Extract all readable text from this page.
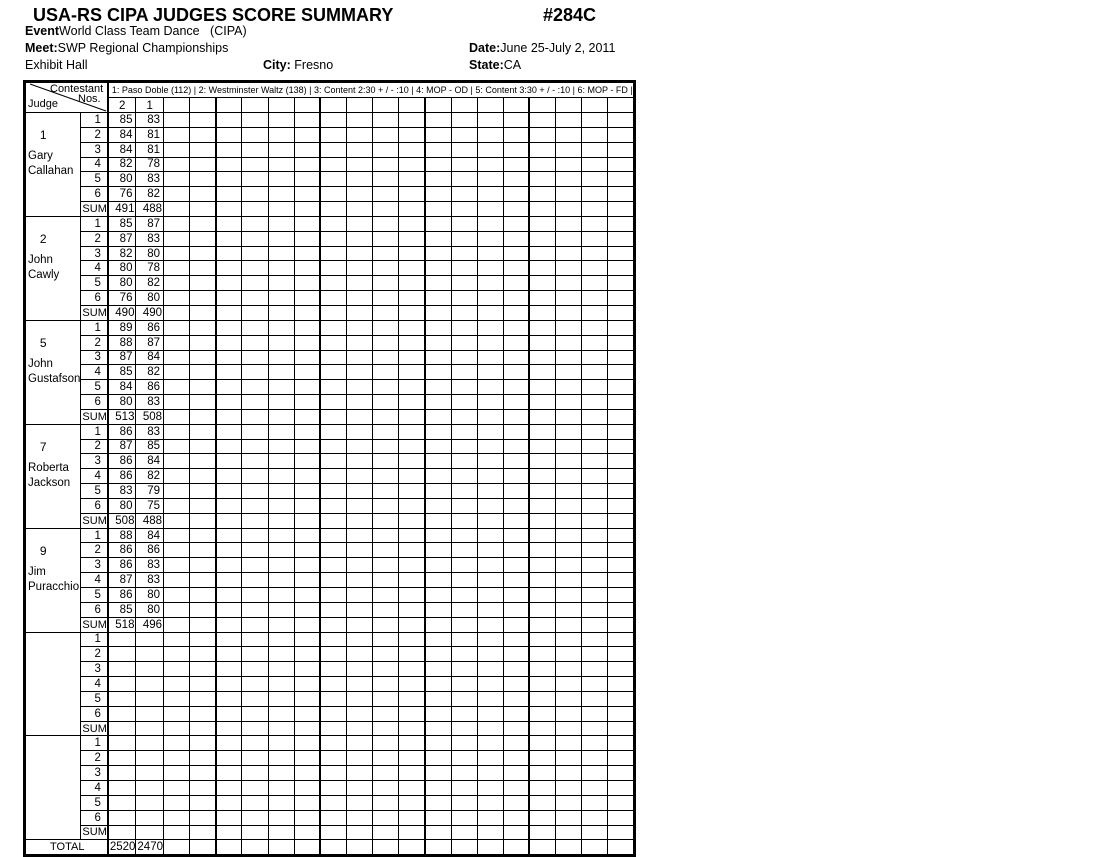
USA-RS CIPA JUDGES SCORE SUMMARY	#284C
EventWorld Class Team Dance   (CIPA)
Meet:SWP Regional Championships	Date:June 25-July 2, 2011
Exhibit Hall	City: Fresno	State:CA
Contestant
Nos.
Judge		1: Paso Doble (112) | 2: Westminster Waltz (138) | 3: Content 2:30 + / - :10 | 4: MOP - OD | 5: Content 3:30 + / - :10 | 6: MOP - FD |																			
		2	1																		

1
Gary
Callahan	1	85	83																		
	2	84	81																		
	3	84	81																		
	4	82	78																		
	5	80	83																		
	6	76	82																		
	SUM	491	488																		

2
John
Cawly	1	85	87																		
	2	87	83																		
	3	82	80																		
	4	80	78																		
	5	80	82																		
	6	76	80																		
	SUM	490	490																		

5
John
Gustafson	1	89	86																		
	2	88	87																		
	3	87	84																		
	4	85	82																		
	5	84	86																		
	6	80	83																		
	SUM	513	508																		

7
Roberta
Jackson	1	86	83																		
	2	87	85																		
	3	86	84																		
	4	86	82																		
	5	83	79																		
	6	80	75																		
	SUM	508	488																		

9
Jim
Puracchio	1	88	84																		
	2	86	86																		
	3	86	83																		
	4	87	83																		
	5	86	80																		
	6	85	80																		
	SUM	518	496																		

	1																				
	2																				
	3																				
	4																				
	5																				
	6																				
	SUM																				

	1																				
	2																				
	3																				
	4																				
	5																				
	6																				
	SUM																				
TOTAL		2520	2470																		
